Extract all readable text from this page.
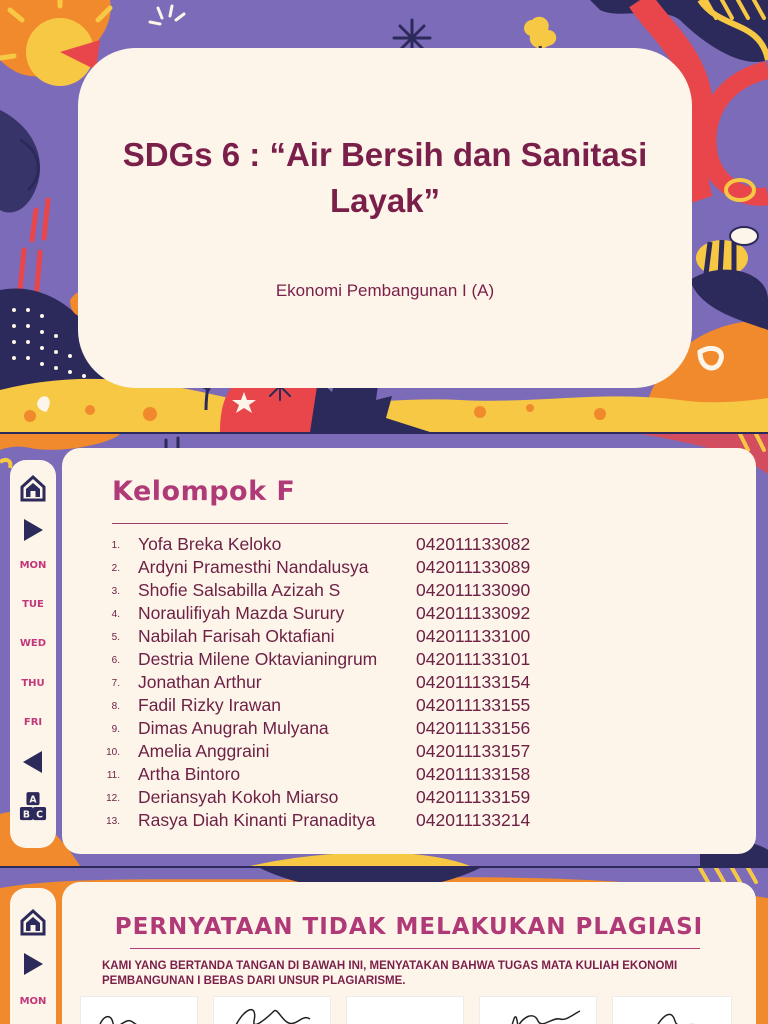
SDGs 6 : “Air Bersih dan Sanitasi Layak”
Ekonomi Pembangunan I (A)
MON
TUE
WED
THU
FRI
A
B C
Kelompok F
1. Yofa Breka Keloko	042011133082
2. Ardyni Pramesthi Nandalusya	042011133089
3. Shofie Salsabilla Azizah S	042011133090
4. Noraulifiyah Mazda Surury	042011133092
5. Nabilah Farisah Oktafiani	042011133100
6. Destria Milene Oktavianingrum 042011133101
7. Jonathan Arthur	042011133154
8. Fadil Rizky Irawan	042011133155
9. Dimas Anugrah Mulyana	042011133156
10. Amelia Anggraini	042011133157
11. Artha Bintoro	042011133158
12. Deriansyah Kokoh Miarso	042011133159
13. Rasya Diah Kinanti Pranaditya 042011133214
MON
PERNYATAAN TIDAK MELAKUKAN PLAGIASI

KAMI YANG BERTANDA TANGAN DI BAWAH INI, MENYATAKAN BAHWA TUGAS MATA KULIAH EKONOMI PEMBANGUNAN I BEBAS DARI UNSUR PLAGIARISME.
